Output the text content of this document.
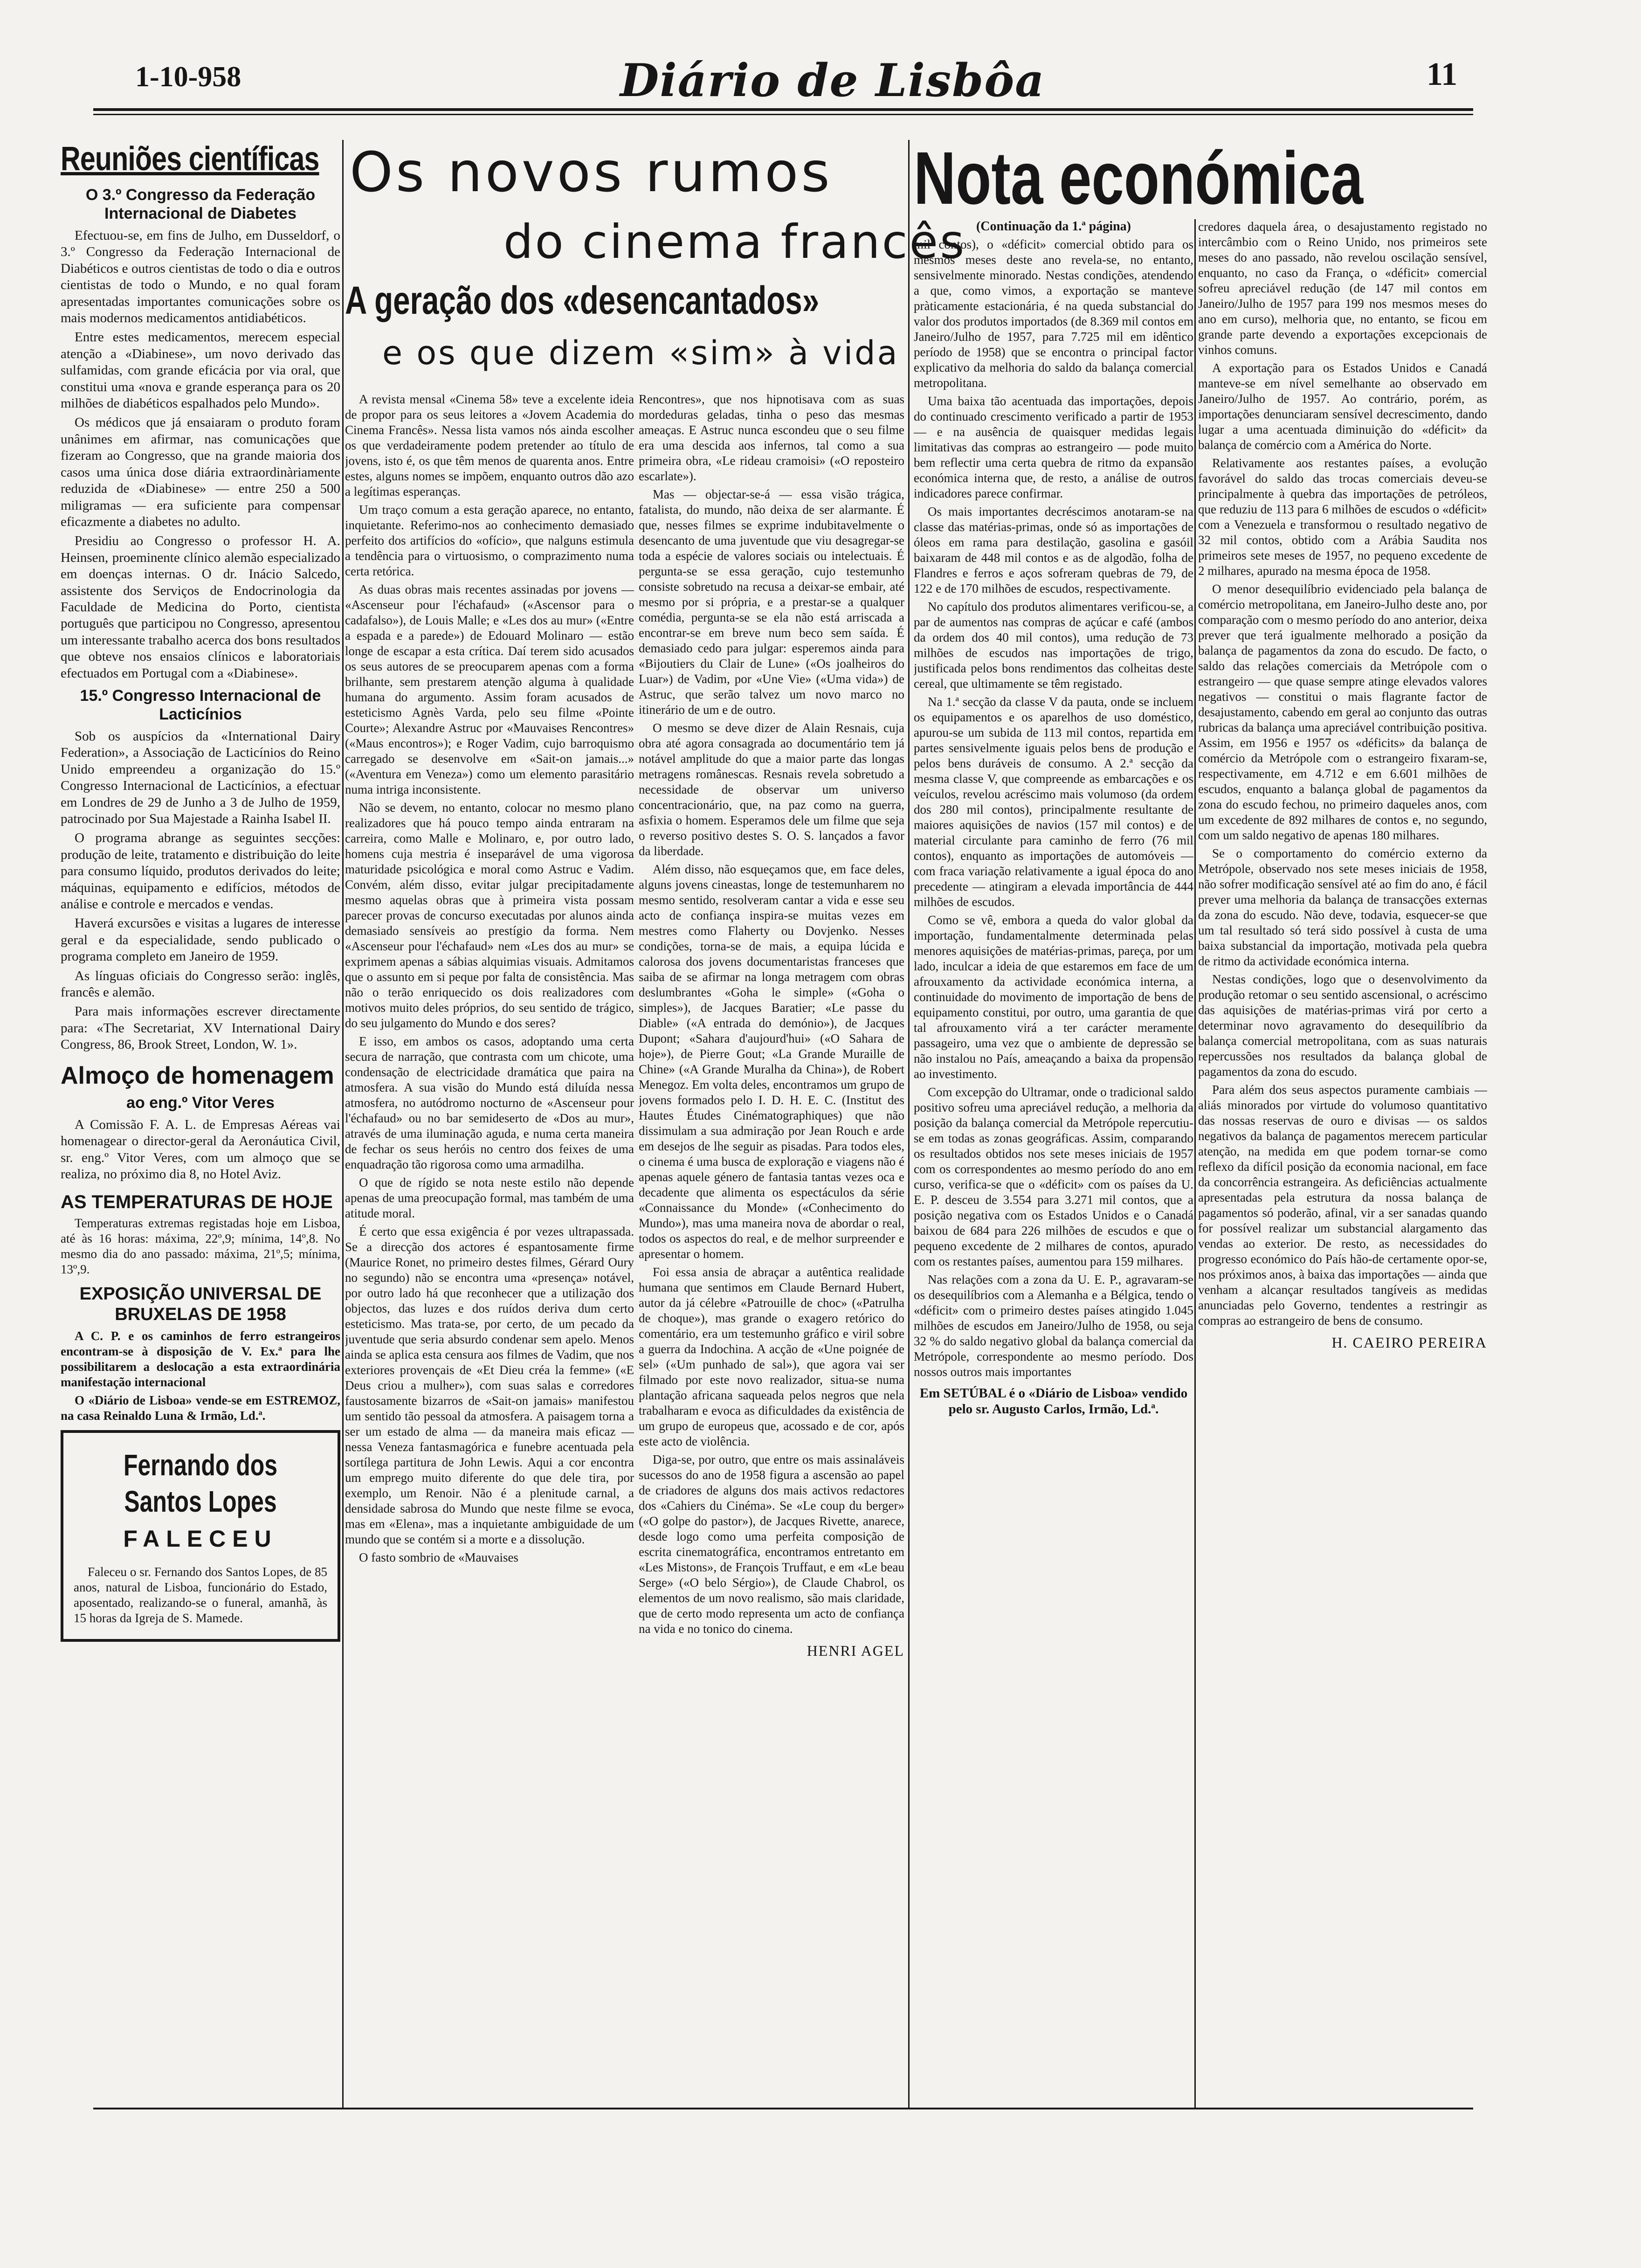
1-10-958	Diário de Lisbôa	11
Reuniões científicas
O 3.º Congresso da Federação Internacional de Diabetes

Efectuou-se, em fins de Julho, em Dusseldorf, o 3.º Congresso da Federação Internacional de Diabéticos e outros cientistas de todo o dia e outros cientistas de todo o Mundo, e no qual foram apresentadas importantes comunicações sobre os mais modernos medicamentos antidiabéticos.

Entre estes medicamentos, merecem especial atenção a «Diabinese», um novo derivado das sulfamidas, com grande eficácia por via oral, que constitui uma «nova e grande esperança para os 20 milhões de diabéticos espalhados pelo Mundo».

Os médicos que já ensaiaram o produto foram unânimes em afirmar, nas comunicações que fizeram ao Congresso, que na grande maioria dos casos uma única dose diária extraordinàriamente reduzida de «Diabinese» — entre 250 a 500 miligramas — era suficiente para compensar eficazmente a diabetes no adulto.

Presidiu ao Congresso o professor H. A. Heinsen, proeminente clínico alemão especializado em doenças internas. O dr. Inácio Salcedo, assistente dos Serviços de Endocrinologia da Faculdade de Medicina do Porto, cientista português que participou no Congresso, apresentou um interessante trabalho acerca dos bons resultados que obteve nos ensaios clínicos e laboratoriais efectuados em Portugal com a «Diabinese».

15.º Congresso Internacional de Lacticínios

Sob os auspícios da «International Dairy Federation», a Associação de Lacticínios do Reino Unido empreendeu a organização do 15.º Congresso Internacional de Lacticínios, a efectuar em Londres de 29 de Junho a 3 de Julho de 1959, patrocinado por Sua Majestade a Rainha Isabel II.

O programa abrange as seguintes secções: produção de leite, tratamento e distribuição do leite para consumo líquido, produtos derivados do leite; máquinas, equipamento e edifícios, métodos de análise e controle e mercados e vendas.

Haverá excursões e visitas a lugares de interesse geral e da especialidade, sendo publicado o programa completo em Janeiro de 1959.

As línguas oficiais do Congresso serão: inglês, francês e alemão.

Para mais informações escrever directamente para: «The Secretariat, XV International Dairy Congress, 86, Brook Street, London, W. 1».

Almoço de homenagem
ao eng.º Vitor Veres

A Comissão F. A. L. de Empresas Aéreas vai homenagear o director-geral da Aeronáutica Civil, sr. eng.º Vitor Veres, com um almoço que se realiza, no próximo dia 8, no Hotel Aviz.

AS TEMPERATURAS DE HOJE

Temperaturas extremas registadas hoje em Lisboa, até às 16 horas: máxima, 22º,9; mínima, 14º,8. No mesmo dia do ano passado: máxima, 21º,5; mínima, 13º,9.

EXPOSIÇÃO UNIVERSAL DE BRUXELAS DE 1958

A C. P. e os caminhos de ferro estrangeiros encontram-se à disposição de V. Ex.ª para lhe possibilitarem a deslocação a esta extraordinária manifestação internacional

O «Diário de Lisboa» vende-se em ESTREMOZ, na casa Reinaldo Luna & Irmão, Ld.ª.

Fernando dos Santos Lopes
FALECEU

Faleceu o sr. Fernando dos Santos Lopes, de 85 anos, natural de Lisboa, funcionário do Estado, aposentado, realizando-se o funeral, amanhã, às 15 horas da Igreja de S. Mamede.

Os novos rumos
do cinema francês
A geração dos «desencantados»
e os que dizem «sim» à vida

A revista mensal «Cinema 58» teve a excelente ideia de propor para os seus leitores a «Jovem Academia do Cinema Francês». Nessa lista vamos nós ainda escolher os que verdadeiramente podem pretender ao título de jovens, isto é, os que têm menos de quarenta anos. Entre estes, alguns nomes se impõem, enquanto outros dão azo a legítimas esperanças.

Um traço comum a esta geração aparece, no entanto, inquietante. Referimo-nos ao conhecimento demasiado perfeito dos artifícios do «ofício», que nalguns estimula a tendência para o virtuosismo, o comprazimento numa certa retórica.

As duas obras mais recentes assinadas por jovens — «Ascenseur pour l'échafaud» («Ascensor para o cadafalso»), de Louis Malle; e «Les dos au mur» («Entre a espada e a parede») de Edouard Molinaro — estão longe de escapar a esta crítica. Daí terem sido acusados os seus autores de se preocuparem apenas com a forma brilhante, sem prestarem atenção alguma à qualidade humana do argumento. Assim foram acusados de esteticismo Agnès Varda, pelo seu filme «Pointe Courte»; Alexandre Astruc por «Mauvaises Rencontres» («Maus encontros»); e Roger Vadim, cujo barroquismo carregado se desenvolve em «Sait-on jamais...» («Aventura em Veneza») como um elemento parasitário numa intriga inconsistente.

Não se devem, no entanto, colocar no mesmo plano realizadores que há pouco tempo ainda entraram na carreira, como Malle e Molinaro, e, por outro lado, homens cuja mestria é inseparável de uma vigorosa maturidade psicológica e moral como Astruc e Vadim. Convém, além disso, evitar julgar precipitadamente mesmo aquelas obras que à primeira vista possam parecer provas de concurso executadas por alunos ainda demasiado sensíveis ao prestígio da forma. Nem «Ascenseur pour l'échafaud» nem «Les dos au mur» se exprimem apenas a sábias alquimias visuais. Admitamos que o assunto em si peque por falta de consistência. Mas não o terão enriquecido os dois realizadores com motivos muito deles próprios, do seu sentido de trágico, do seu julgamento do Mundo e dos seres?

E isso, em ambos os casos, adoptando uma certa secura de narração, que contrasta com um chicote, uma condensação de electricidade dramática que paira na atmosfera. A sua visão do Mundo está diluída nessa atmosfera, no autódromo nocturno de «Ascenseur pour l'échafaud» ou no bar semideserto de «Dos au mur», através de uma iluminação aguda, e numa certa maneira de fechar os seus heróis no centro dos feixes de uma enquadração tão rigorosa como uma armadilha.

O que de rígido se nota neste estilo não depende apenas de uma preocupação formal, mas também de uma atitude moral.

É certo que essa exigência é por vezes ultrapassada. Se a direcção dos actores é espantosamente firme (Maurice Ronet, no primeiro destes filmes, Gérard Oury no segundo) não se encontra uma «presença» notável, por outro lado há que reconhecer que a utilização dos objectos, das luzes e dos ruídos deriva dum certo esteticismo. Mas trata-se, por certo, de um pecado da juventude que seria absurdo condenar sem apelo. Menos ainda se aplica esta censura aos filmes de Vadim, que nos exteriores provençais de «Et Dieu créa la femme» («E Deus criou a mulher»), com suas salas e corredores faustosamente bizarros de «Sait-on jamais» manifestou um sentido tão pessoal da atmosfera. A paisagem torna a ser um estado de alma — da maneira mais eficaz — nessa Veneza fantasmagórica e funebre acentuada pela sortílega partitura de John Lewis. Aqui a cor encontra um emprego muito diferente do que dele tira, por exemplo, um Renoir. Não é a plenitude carnal, a densidade sabrosa do Mundo que neste filme se evoca, mas em «Elena», mas a inquietante ambiguidade de um mundo que se contém si a morte e a dissolução.

O fasto sombrio de «Mauvaises

Rencontres», que nos hipnotisava com as suas mordeduras geladas, tinha o peso das mesmas ameaças. E Astruc nunca escondeu que o seu filme era uma descida aos infernos, tal como a sua primeira obra, «Le rideau cramoisi» («O reposteiro escarlate»).

Mas — objectar-se-á — essa visão trágica, fatalista, do mundo, não deixa de ser alarmante. É que, nesses filmes se exprime indubitavelmente o desencanto de uma juventude que viu desagregar-se toda a espécie de valores sociais ou intelectuais. É pergunta-se se essa geração, cujo testemunho consiste sobretudo na recusa a deixar-se embair, até mesmo por si própria, e a prestar-se a qualquer comédia, pergunta-se se ela não está arriscada a encontrar-se em breve num beco sem saída. É demasiado cedo para julgar: esperemos ainda para «Bijoutiers du Clair de Lune» («Os joalheiros do Luar») de Vadim, por «Une Vie» («Uma vida») de Astruc, que serão talvez um novo marco no itinerário de um e de outro.

O mesmo se deve dizer de Alain Resnais, cuja obra até agora consagrada ao documentário tem já notável amplitude do que a maior parte das longas metragens românescas. Resnais revela sobretudo a necessidade de observar um universo concentracionário, que, na paz como na guerra, asfixia o homem. Esperamos dele um filme que seja o reverso positivo destes S. O. S. lançados a favor da liberdade.

Além disso, não esqueçamos que, em face deles, alguns jovens cineastas, longe de testemunharem no mesmo sentido, resolveram cantar a vida e esse seu acto de confiança inspira-se muitas vezes em mestres como Flaherty ou Dovjenko. Nesses condições, torna-se de mais, a equipa lúcida e calorosa dos jovens documentaristas franceses que saiba de se afirmar na longa metragem com obras deslumbrantes «Goha le simple» («Goha o simples»), de Jacques Baratier; «Le passe du Diable» («A entrada do demónio»), de Jacques Dupont; «Sahara d'aujourd'hui» («O Sahara de hoje»), de Pierre Gout; «La Grande Muraille de Chine» («A Grande Muralha da China»), de Robert Menegoz. Em volta deles, encontramos um grupo de jovens formados pelo I. D. H. E. C. (Institut des Hautes Études Cinématographiques) que não dissimulam a sua admiração por Jean Rouch e arde em desejos de lhe seguir as pisadas. Para todos eles, o cinema é uma busca de exploração e viagens não é apenas aquele género de fantasia tantas vezes oca e decadente que alimenta os espectáculos da série «Connaissance du Monde» («Conhecimento do Mundo»), mas uma maneira nova de abordar o real, todos os aspectos do real, e de melhor surpreender e apresentar o homem.

Foi essa ansia de abraçar a autêntica realidade humana que sentimos em Claude Bernard Hubert, autor da já célebre «Patrouille de choc» («Patrulha de choque»), mas grande o exagero retórico do comentário, era um testemunho gráfico e viril sobre a guerra da Indochina. A acção de «Une poignée de sel» («Um punhado de sal»), que agora vai ser filmado por este novo realizador, situa-se numa plantação africana saqueada pelos negros que nela trabalharam e evoca as dificuldades da existência de um grupo de europeus que, acossado e de cor, após este acto de violência.

Diga-se, por outro, que entre os mais assinaláveis sucessos do ano de 1958 figura a ascensão ao papel de criadores de alguns dos mais activos redactores dos «Cahiers du Cinéma». Se «Le coup du berger» («O golpe do pastor»), de Jacques Rivette, anarece, desde logo como uma perfeita composição de escrita cinematográfica, encontramos entretanto em «Les Mistons», de François Truffaut, e em «Le beau Serge» («O belo Sérgio»), de Claude Chabrol, os elementos de um novo realismo, são mais claridade, que de certo modo representa um acto de confiança na vida e no tonico do cinema.

HENRI AGEL
Nota económica
(Continuação da 1.ª página)

mil contos), o «déficit» comercial obtido para os mesmos meses deste ano revela-se, no entanto, sensivelmente minorado. Nestas condições, atendendo a que, como vimos, a exportação se manteve pràticamente estacionária, é na queda substancial do valor dos produtos importados (de 8.369 mil contos em Janeiro/Julho de 1957, para 7.725 mil em idêntico período de 1958) que se encontra o principal factor explicativo da melhoria do saldo da balança comercial metropolitana.

Uma baixa tão acentuada das importações, depois do continuado crescimento verificado a partir de 1953 — e na ausência de quaisquer medidas legais limitativas das compras ao estrangeiro — pode muito bem reflectir uma certa quebra de ritmo da expansão económica interna que, de resto, a análise de outros indicadores parece confirmar.

Os mais importantes decréscimos anotaram-se na classe das matérias-primas, onde só as importações de óleos em rama para destilação, gasolina e gasóil baixaram de 448 mil contos e as de algodão, folha de Flandres e ferros e aços sofreram quebras de 79, de 122 e de 170 milhões de escudos, respectivamente.

No capítulo dos produtos alimentares verificou-se, a par de aumentos nas compras de açúcar e café (ambos da ordem dos 40 mil contos), uma redução de 73 milhões de escudos nas importações de trigo, justificada pelos bons rendimentos das colheitas deste cereal, que ultimamente se têm registado.

Na 1.ª secção da classe V da pauta, onde se incluem os equipamentos e os aparelhos de uso doméstico, apurou-se um subida de 113 mil contos, repartida em partes sensivelmente iguais pelos bens de produção e pelos bens duráveis de consumo. A 2.ª secção da mesma classe V, que compreende as embarcações e os veículos, revelou acréscimo mais volumoso (da ordem dos 280 mil contos), principalmente resultante de maiores aquisições de navios (157 mil contos) e de material circulante para caminho de ferro (76 mil contos), enquanto as importações de automóveis — com fraca variação relativamente a igual época do ano precedente — atingiram a elevada importância de 444 milhões de escudos.

Como se vê, embora a queda do valor global da importação, fundamentalmente determinada pelas menores aquisições de matérias-primas, pareça, por um lado, inculcar a ideia de que estaremos em face de um afrouxamento da actividade económica interna, a continuidade do movimento de importação de bens de equipamento constitui, por outro, uma garantia de que tal afrouxamento virá a ter carácter meramente passageiro, uma vez que o ambiente de depressão se não instalou no País, ameaçando a baixa da propensão ao investimento.

Com excepção do Ultramar, onde o tradicional saldo positivo sofreu uma apreciável redução, a melhoria da posição da balança comercial da Metrópole repercutiu-se em todas as zonas geográficas. Assim, comparando os resultados obtidos nos sete meses iniciais de 1957 com os correspondentes ao mesmo período do ano em curso, verifica-se que o «déficit» com os países da U. E. P. desceu de 3.554 para 3.271 mil contos, que a posição negativa com os Estados Unidos e o Canadá baixou de 684 para 226 milhões de escudos e que o pequeno excedente de 2 milhares de contos, apurado com os restantes países, aumentou para 159 milhares.

Nas relações com a zona da U. E. P., agravaram-se os desequilíbrios com a Alemanha e a Bélgica, tendo o «déficit» com o primeiro destes países atingido 1.045 milhões de escudos em Janeiro/Julho de 1958, ou seja 32 % do saldo negativo global da balança comercial da Metrópole, correspondente ao mesmo período. Dos nossos outros mais importantes

Em SETÚBAL é o «Diário de Lisboa» vendido pelo sr. Augusto Carlos, Irmão, Ld.ª.

credores daquela área, o desajustamento registado no intercâmbio com o Reino Unido, nos primeiros sete meses do ano passado, não revelou oscilação sensível, enquanto, no caso da França, o «déficit» comercial sofreu apreciável redução (de 147 mil contos em Janeiro/Julho de 1957 para 199 nos mesmos meses do ano em curso), melhoria que, no entanto, se ficou em grande parte devendo a exportações excepcionais de vinhos comuns.

A exportação para os Estados Unidos e Canadá manteve-se em nível semelhante ao observado em Janeiro/Julho de 1957. Ao contrário, porém, as importações denunciaram sensível decrescimento, dando lugar a uma acentuada diminuição do «déficit» da balança de comércio com a América do Norte.

Relativamente aos restantes países, a evolução favorável do saldo das trocas comerciais deveu-se principalmente à quebra das importações de petróleos, que reduziu de 113 para 6 milhões de escudos o «déficit» com a Venezuela e transformou o resultado negativo de 32 mil contos, obtido com a Arábia Saudita nos primeiros sete meses de 1957, no pequeno excedente de 2 milhares, apurado na mesma época de 1958.

O menor desequilíbrio evidenciado pela balança de comércio metropolitana, em Janeiro-Julho deste ano, por comparação com o mesmo período do ano anterior, deixa prever que terá igualmente melhorado a posição da balança de pagamentos da zona do escudo. De facto, o saldo das relações comerciais da Metrópole com o estrangeiro — que quase sempre atinge elevados valores negativos — constitui o mais flagrante factor de desajustamento, cabendo em geral ao conjunto das outras rubricas da balança uma apreciável contribuição positiva. Assim, em 1956 e 1957 os «déficits» da balança de comércio da Metrópole com o estrangeiro fixaram-se, respectivamente, em 4.712 e em 6.601 milhões de escudos, enquanto a balança global de pagamentos da zona do escudo fechou, no primeiro daqueles anos, com um excedente de 892 milhares de contos e, no segundo, com um saldo negativo de apenas 180 milhares.

Se o comportamento do comércio externo da Metrópole, observado nos sete meses iniciais de 1958, não sofrer modificação sensível até ao fim do ano, é fácil prever uma melhoria da balança de transacções externas da zona do escudo. Não deve, todavia, esquecer-se que um tal resultado só terá sido possível à custa de uma baixa substancial da importação, motivada pela quebra de ritmo da actividade económica interna.

Nestas condições, logo que o desenvolvimento da produção retomar o seu sentido ascensional, o acréscimo das aquisições de matérias-primas virá por certo a determinar novo agravamento do desequilíbrio da balança comercial metropolitana, com as suas naturais repercussões nos resultados da balança global de pagamentos da zona do escudo.

Para além dos seus aspectos puramente cambiais — aliás minorados por virtude do volumoso quantitativo das nossas reservas de ouro e divisas — os saldos negativos da balança de pagamentos merecem particular atenção, na medida em que podem tornar-se como reflexo da difícil posição da economia nacional, em face da concorrência estrangeira. As deficiências actualmente apresentadas pela estrutura da nossa balança de pagamentos só poderão, afinal, vir a ser sanadas quando for possível realizar um substancial alargamento das vendas ao exterior. De resto, as necessidades do progresso económico do País hão-de certamente opor-se, nos próximos anos, à baixa das importações — ainda que venham a alcançar resultados tangíveis as medidas anunciadas pelo Governo, tendentes a restringir as compras ao estrangeiro de bens de consumo.

H. CAEIRO PEREIRA
